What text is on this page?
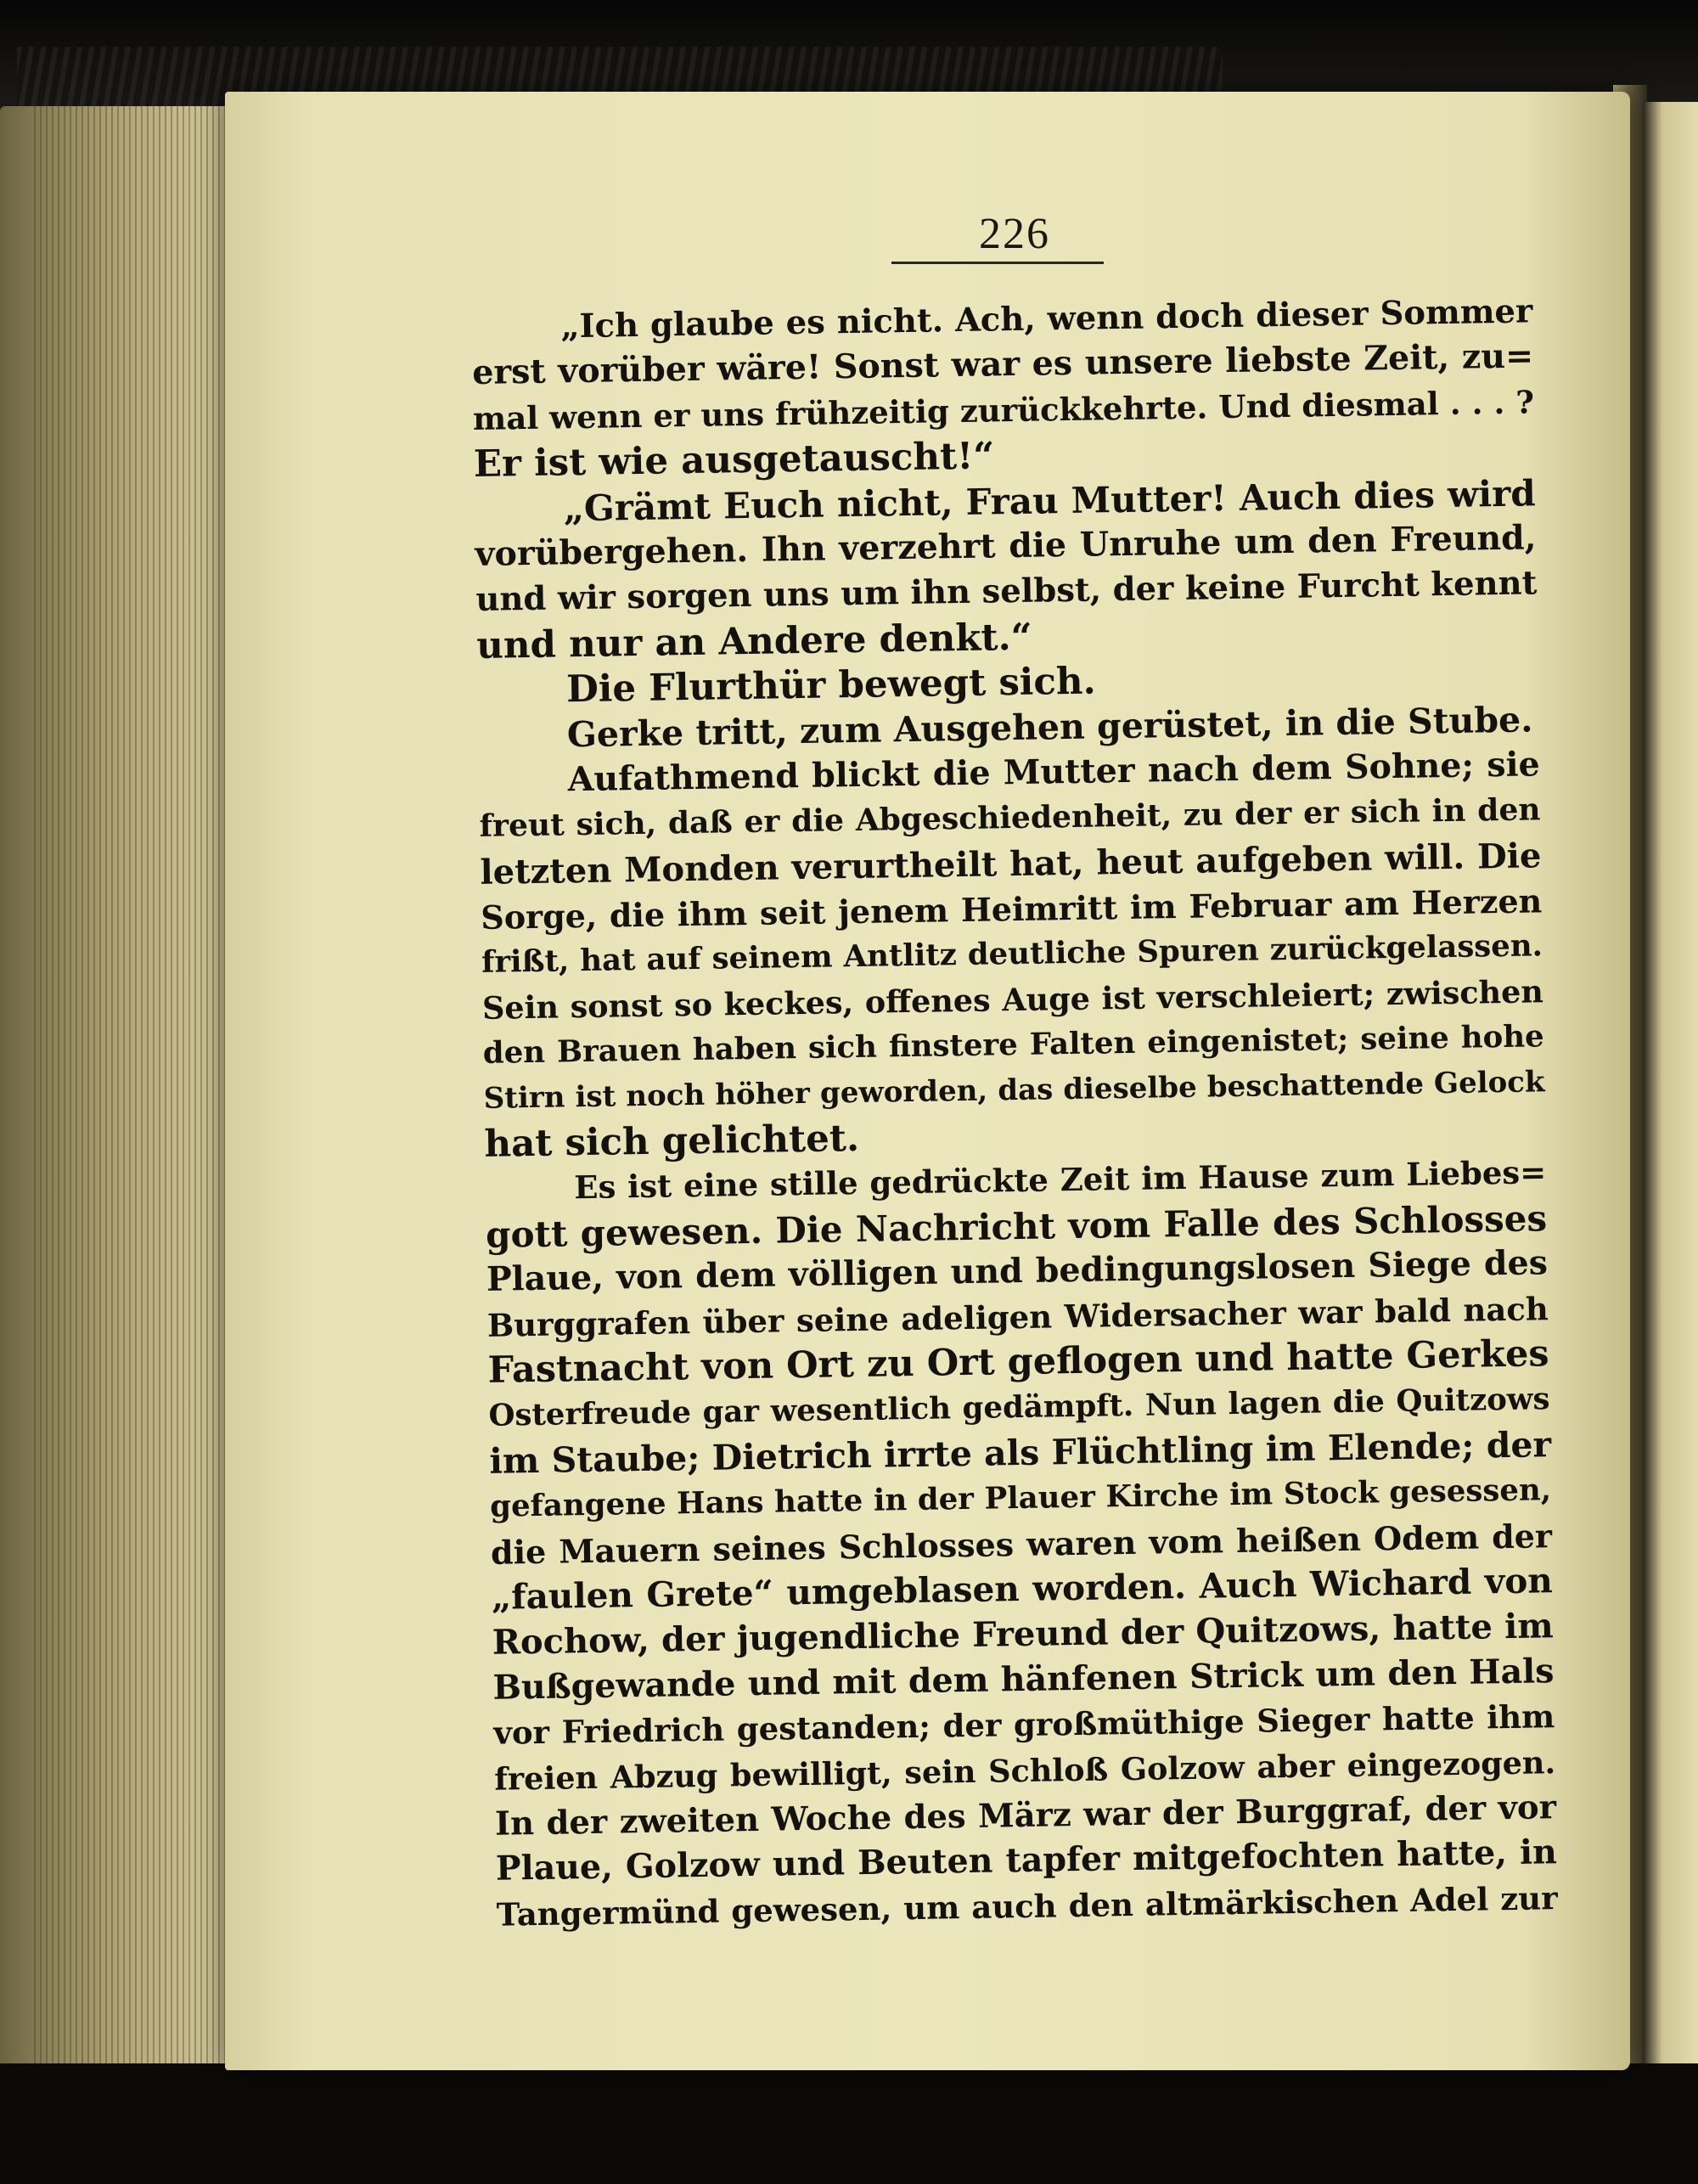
226
„Ich glaube es nicht. Ach, wenn doch dieser Sommer
erst vorüber wäre! Sonst war es unsere liebste Zeit, zu=
mal wenn er uns frühzeitig zurückkehrte. Und diesmal . . . ?
Er ist wie ausgetauscht!“
„Grämt Euch nicht, Frau Mutter! Auch dies wird
vorübergehen. Ihn verzehrt die Unruhe um den Freund,
und wir sorgen uns um ihn selbst, der keine Furcht kennt
und nur an Andere denkt.“
Die Flurthür bewegt sich.
Gerke tritt, zum Ausgehen gerüstet, in die Stube.
Aufathmend blickt die Mutter nach dem Sohne; sie
freut sich, daß er die Abgeschiedenheit, zu der er sich in den
letzten Monden verurtheilt hat, heut aufgeben will. Die
Sorge, die ihm seit jenem Heimritt im Februar am Herzen
frißt, hat auf seinem Antlitz deutliche Spuren zurückgelassen.
Sein sonst so keckes, offenes Auge ist verschleiert; zwischen
den Brauen haben sich finstere Falten eingenistet; seine hohe
Stirn ist noch höher geworden, das dieselbe beschattende Gelock
hat sich gelichtet.
Es ist eine stille gedrückte Zeit im Hause zum Liebes=
gott gewesen. Die Nachricht vom Falle des Schlosses
Plaue, von dem völligen und bedingungslosen Siege des
Burggrafen über seine adeligen Widersacher war bald nach
Fastnacht von Ort zu Ort geflogen und hatte Gerkes
Osterfreude gar wesentlich gedämpft. Nun lagen die Quitzows
im Staube; Dietrich irrte als Flüchtling im Elende; der
gefangene Hans hatte in der Plauer Kirche im Stock gesessen,
die Mauern seines Schlosses waren vom heißen Odem der
„faulen Grete“ umgeblasen worden. Auch Wichard von
Rochow, der jugendliche Freund der Quitzows, hatte im
Bußgewande und mit dem hänfenen Strick um den Hals
vor Friedrich gestanden; der großmüthige Sieger hatte ihm
freien Abzug bewilligt, sein Schloß Golzow aber eingezogen.
In der zweiten Woche des März war der Burggraf, der vor
Plaue, Golzow und Beuten tapfer mitgefochten hatte, in
Tangermünd gewesen, um auch den altmärkischen Adel zur
